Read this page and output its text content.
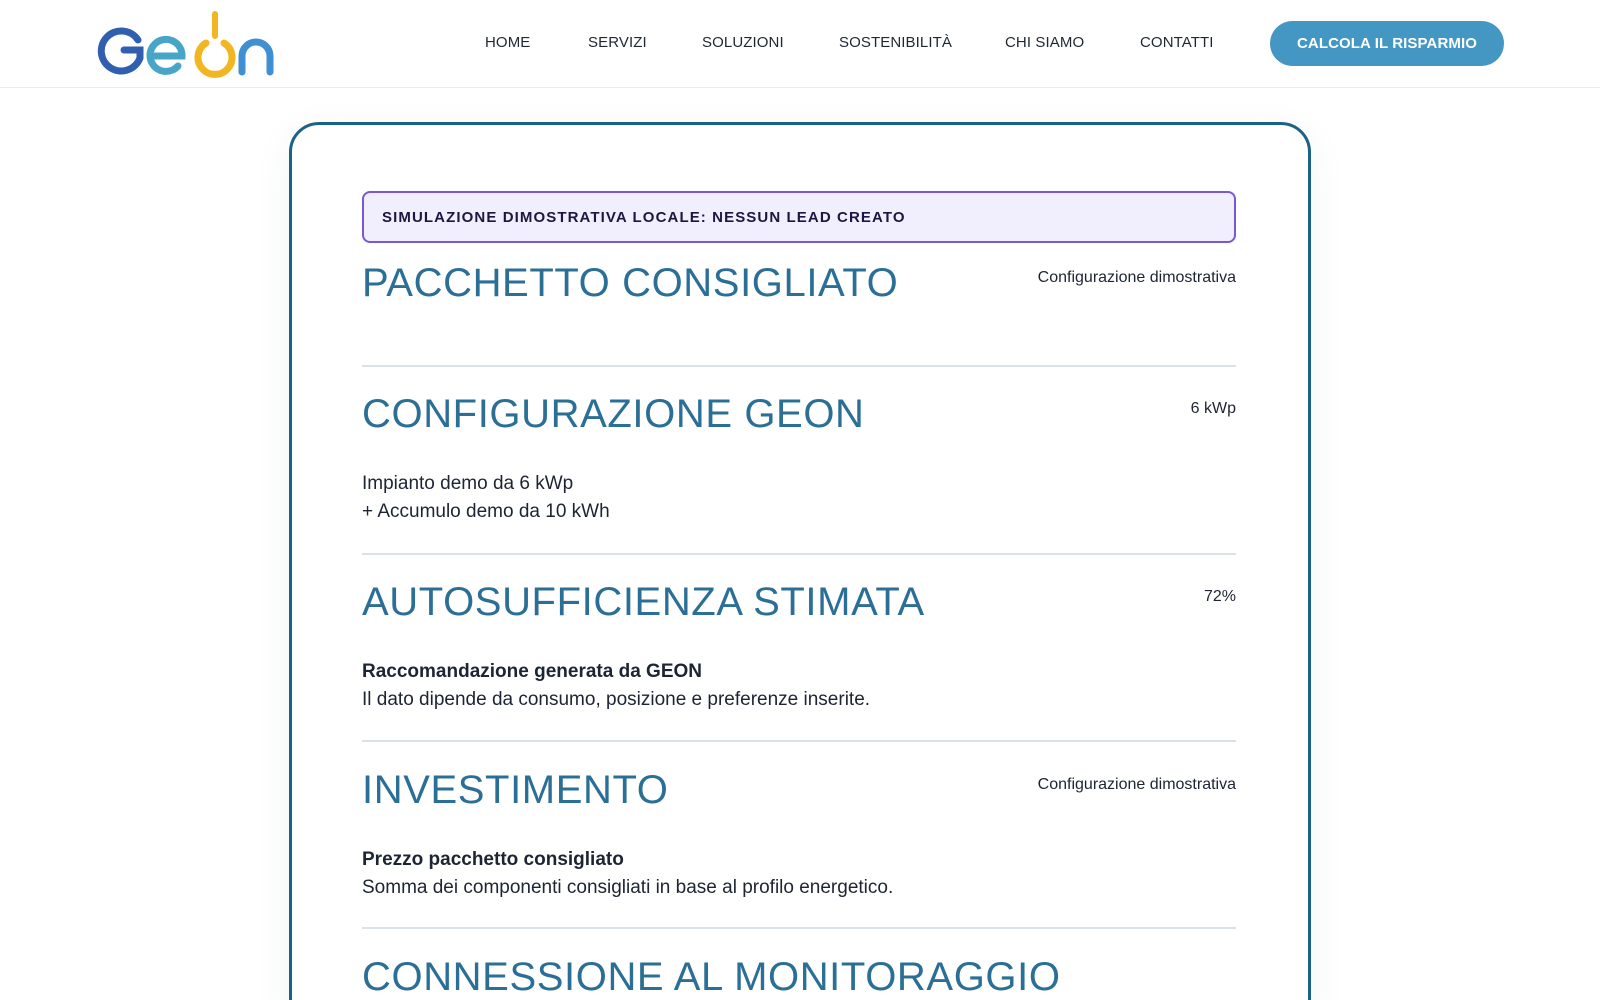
HOME	SERVIZI	SOLUZIONI	SOSTENIBILITÀ	CHI SIAMO	CONTATTI	CALCOLA IL RISPARMIO
SIMULAZIONE DIMOSTRATIVA LOCALE: NESSUN LEAD CREATO
PACCHETTO CONSIGLIATO	Configurazione dimostrativa
CONFIGURAZIONE GEON	6 kWp
Impianto demo da 6 kWp
+ Accumulo demo da 10 kWh
AUTOSUFFICIENZA STIMATA	72%
Raccomandazione generata da GEON
Il dato dipende da consumo, posizione e preferenze inserite.
INVESTIMENTO	Configurazione dimostrativa
Prezzo pacchetto consigliato
Somma dei componenti consigliati in base al profilo energetico.
CONNESSIONE AL MONITORAGGIO
